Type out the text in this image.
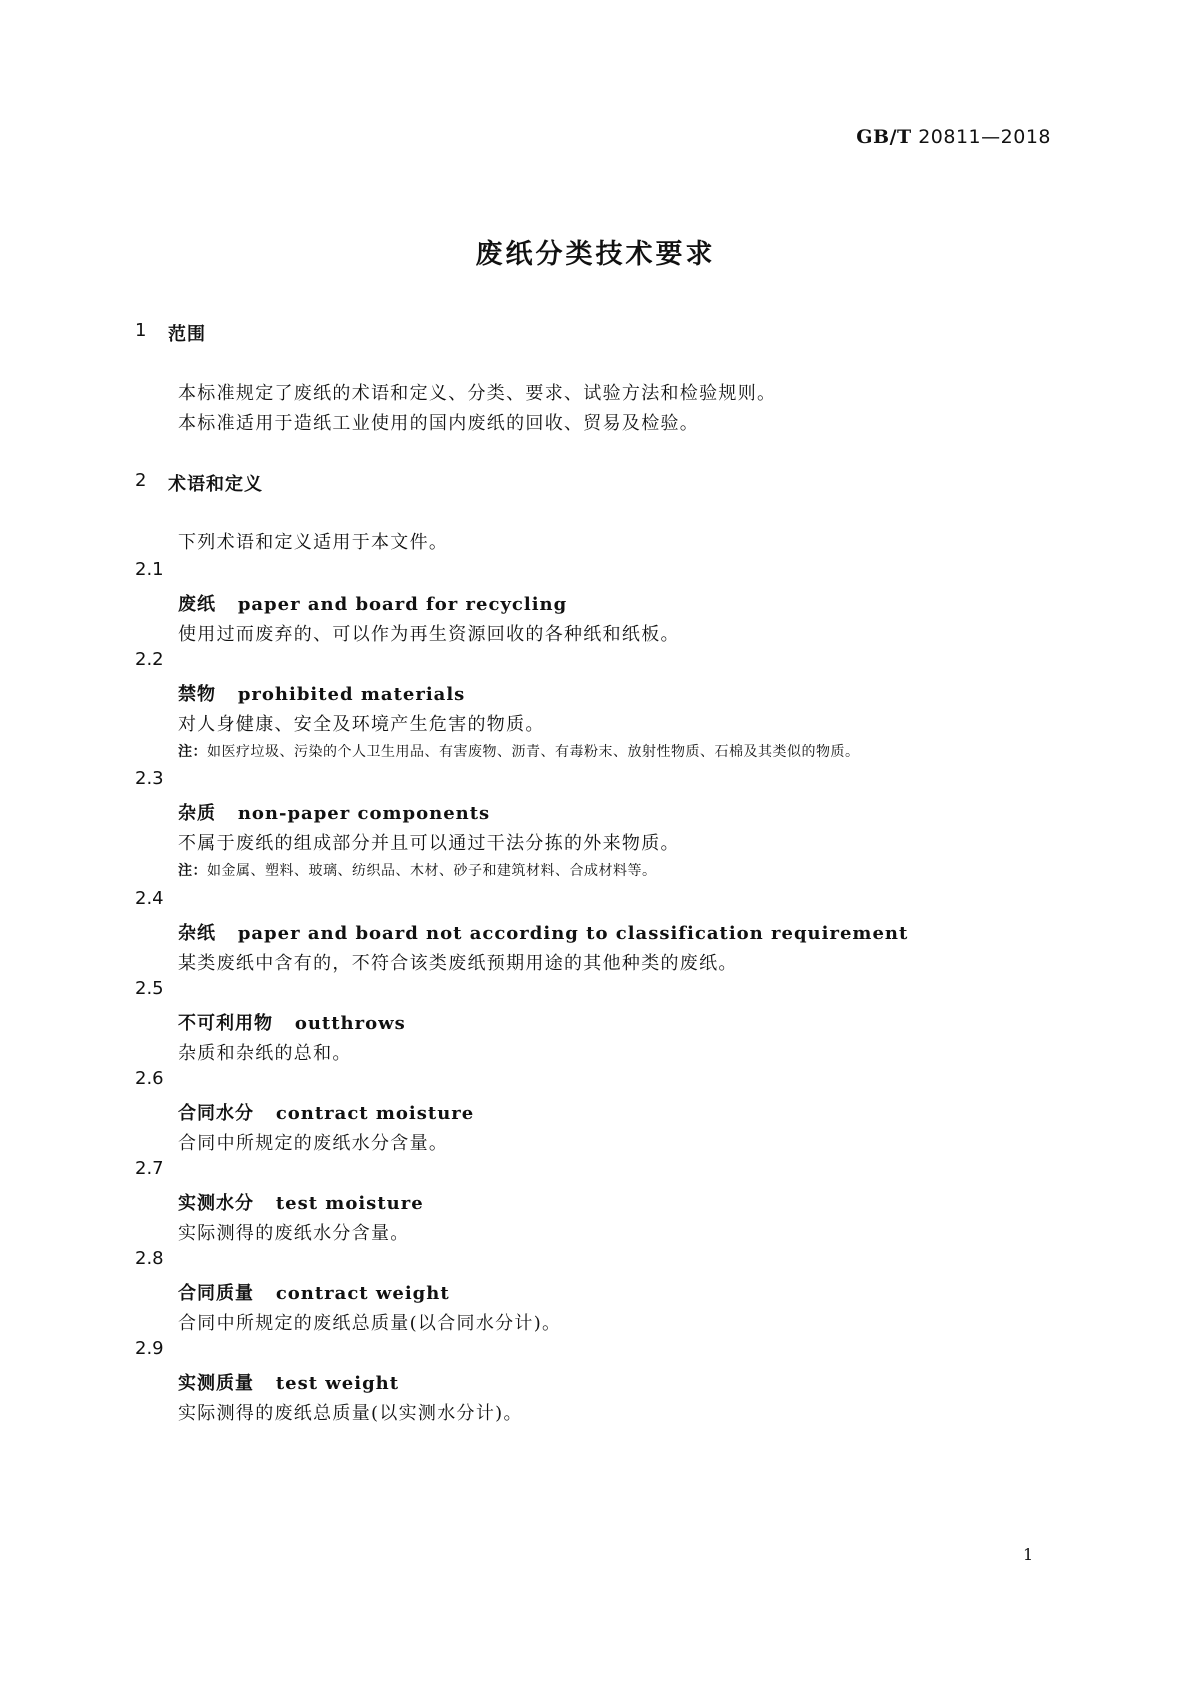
GB/T 20811—2018
废纸分类技术要求
1 范围
本标准规定了废纸的术语和定义、分类、要求、试验方法和检验规则。
本标准适用于造纸工业使用的国内废纸的回收、贸易及检验。
2 术语和定义
下列术语和定义适用于本文件。
2.1
废纸 paper and board for recycling
使用过而废弃的、可以作为再生资源回收的各种纸和纸板。
2.2
禁物 prohibited materials
对人身健康、安全及环境产生危害的物质。
注：如医疗垃圾、污染的个人卫生用品、有害废物、沥青、有毒粉末、放射性物质、石棉及其类似的物质。
2.3
杂质 non-paper components
不属于废纸的组成部分并且可以通过干法分拣的外来物质。
注：如金属、塑料、玻璃、纺织品、木材、砂子和建筑材料、合成材料等。
2.4
杂纸 paper and board not according to classification requirement
某类废纸中含有的，不符合该类废纸预期用途的其他种类的废纸。
2.5
不可利用物 outthrows
杂质和杂纸的总和。
2.6
合同水分 contract moisture
合同中所规定的废纸水分含量。
2.7
实测水分 test moisture
实际测得的废纸水分含量。
2.8
合同质量 contract weight
合同中所规定的废纸总质量(以合同水分计)。
2.9
实测质量 test weight
实际测得的废纸总质量(以实测水分计)。
1
